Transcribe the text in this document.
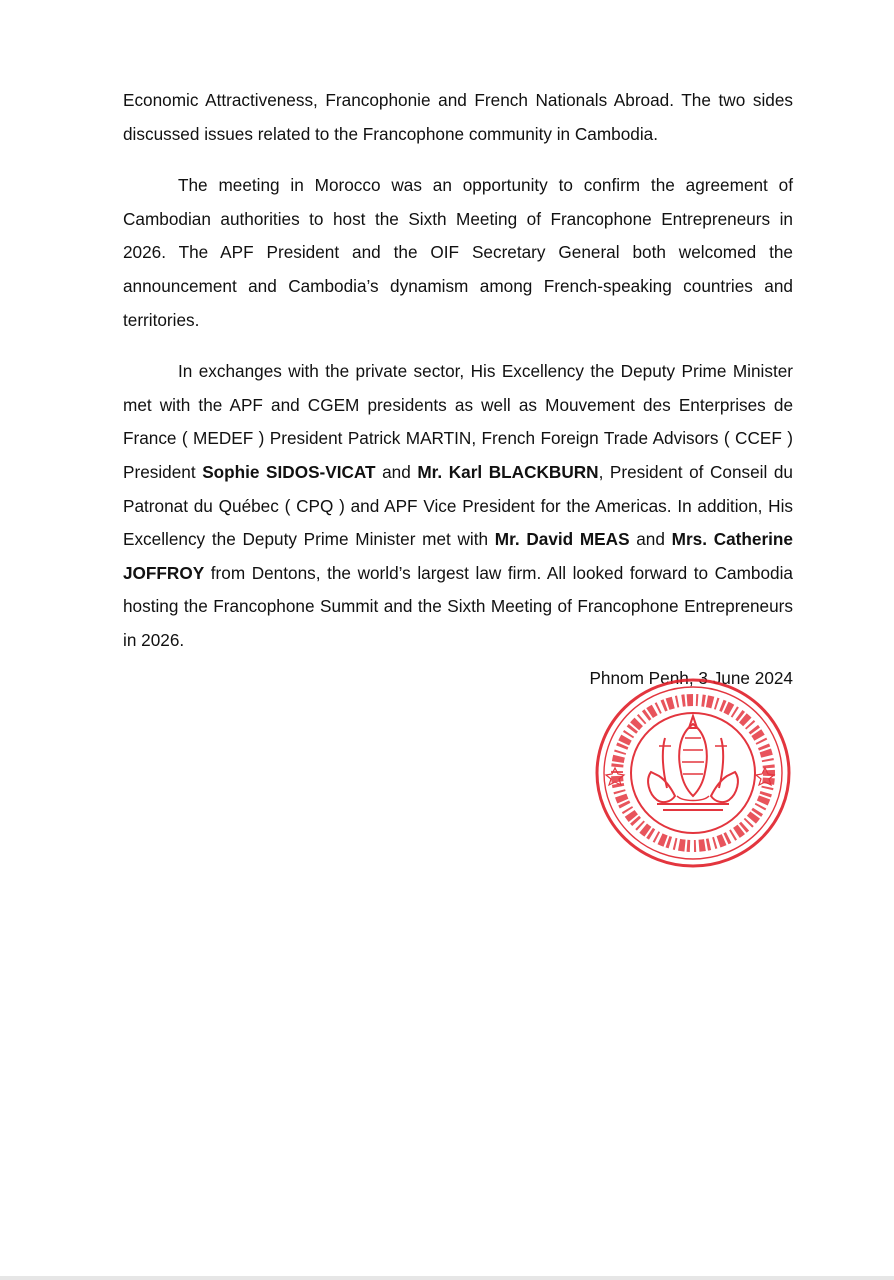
Economic Attractiveness, Francophonie and French Nationals Abroad. The two sides discussed issues related to the Francophone community in Cambodia.

The meeting in Morocco was an opportunity to confirm the agreement of Cambodian authorities to host the Sixth Meeting of Francophone Entrepreneurs in 2026. The APF President and the OIF Secretary General both welcomed the announcement and Cambodia’s dynamism among French-speaking countries and territories.

In exchanges with the private sector, His Excellency the Deputy Prime Minister met with the APF and CGEM presidents as well as Mouvement des Enterprises de France ( MEDEF ) President Patrick MARTIN, French Foreign Trade Advisors ( CCEF ) President Sophie SIDOS-VICAT and Mr. Karl BLACKBURN, President of Conseil du Patronat du Québec ( CPQ ) and APF Vice President for the Americas. In addition, His Excellency the Deputy Prime Minister met with Mr. David MEAS and Mrs. Catherine JOFFROY from Dentons, the world’s largest law firm. All looked forward to Cambodia hosting the Francophone Summit and the Sixth Meeting of Francophone Entrepreneurs in 2026.

Phnom Penh, 3 June 2024
